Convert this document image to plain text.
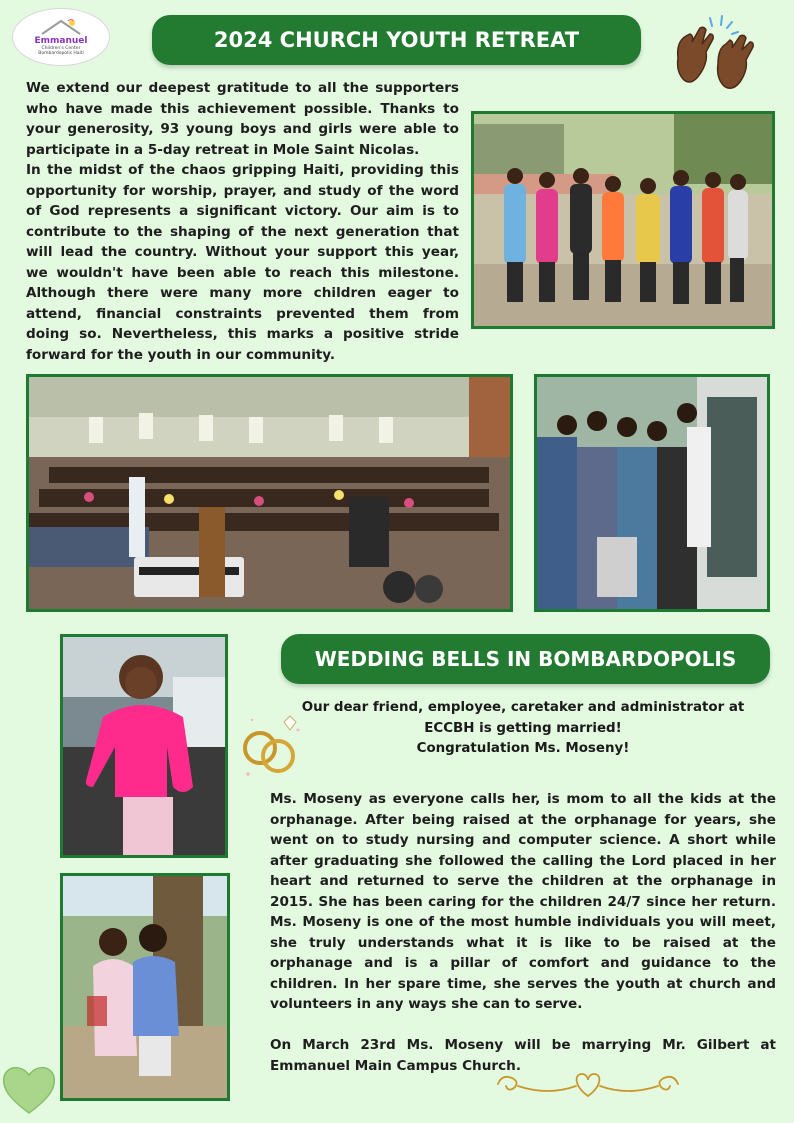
Emmanuel
Children's Center
Bombardopolis Haiti
2024 CHURCH YOUTH RETREAT

We extend our deepest gratitude to all the supporters who have made this achievement possible. Thanks to your generosity, 93 young boys and girls were able to participate in a 5-day retreat in Mole Saint Nicolas.

In the midst of the chaos gripping Haiti, providing this opportunity for worship, prayer, and study of the word of God represents a significant victory. Our aim is to contribute to the shaping of the next generation that will lead the country. Without your support this year, we wouldn't have been able to reach this milestone. Although there were many more children eager to attend, financial constraints prevented them from doing so. Nevertheless, this marks a positive stride forward for the youth in our community.

WEDDING BELLS IN BOMBARDOPOLIS
Our dear friend, employee, caretaker and administrator at ECCBH is getting married!
Congratulation Ms. Moseny!

Ms. Moseny as everyone calls her, is mom to all the kids at the orphanage. After being raised at the orphanage for years, she went on to study nursing and computer science. A short while after graduating she followed the calling the Lord placed in her heart and returned to serve the children at the orphanage in 2015. She has been caring for the children 24/7 since her return. Ms. Moseny is one of the most humble individuals you will meet, she truly understands what it is like to be raised at the orphanage and is a pillar of comfort and guidance to the children. In her spare time, she serves the youth at church and volunteers in any ways she can to serve.

On March 23rd Ms. Moseny will be marrying Mr. Gilbert at Emmanuel Main Campus Church.
